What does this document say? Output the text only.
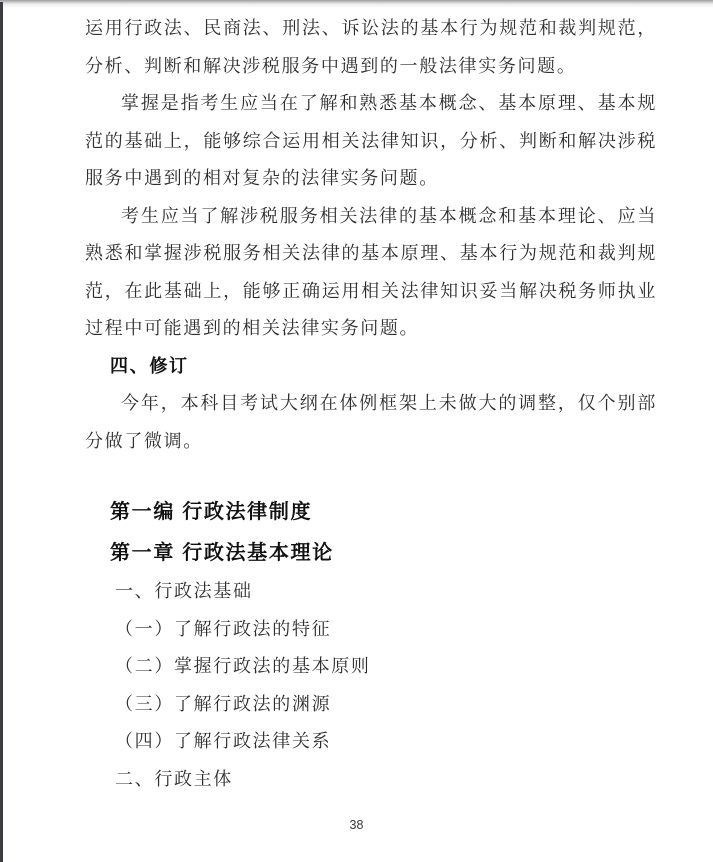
运用行政法、民商法、刑法、诉讼法的基本行为规范和裁判规范，分析、判断和解决涉税服务中遇到的一般法律实务问题。

掌握是指考生应当在了解和熟悉基本概念、基本原理、基本规范的基础上，能够综合运用相关法律知识，分析、判断和解决涉税服务中遇到的相对复杂的法律实务问题。

考生应当了解涉税服务相关法律的基本概念和基本理论、应当熟悉和掌握涉税服务相关法律的基本原理、基本行为规范和裁判规范，在此基础上，能够正确运用相关法律知识妥当解决税务师执业过程中可能遇到的相关法律实务问题。

四、修订

今年，本科目考试大纲在体例框架上未做大的调整，仅个别部分做了微调。

第一编 行政法律制度

第一章 行政法基本理论

一、行政法基础

（一）了解行政法的特征

（二）掌握行政法的基本原则

（三）了解行政法的渊源

（四）了解行政法律关系

二、行政主体

38
